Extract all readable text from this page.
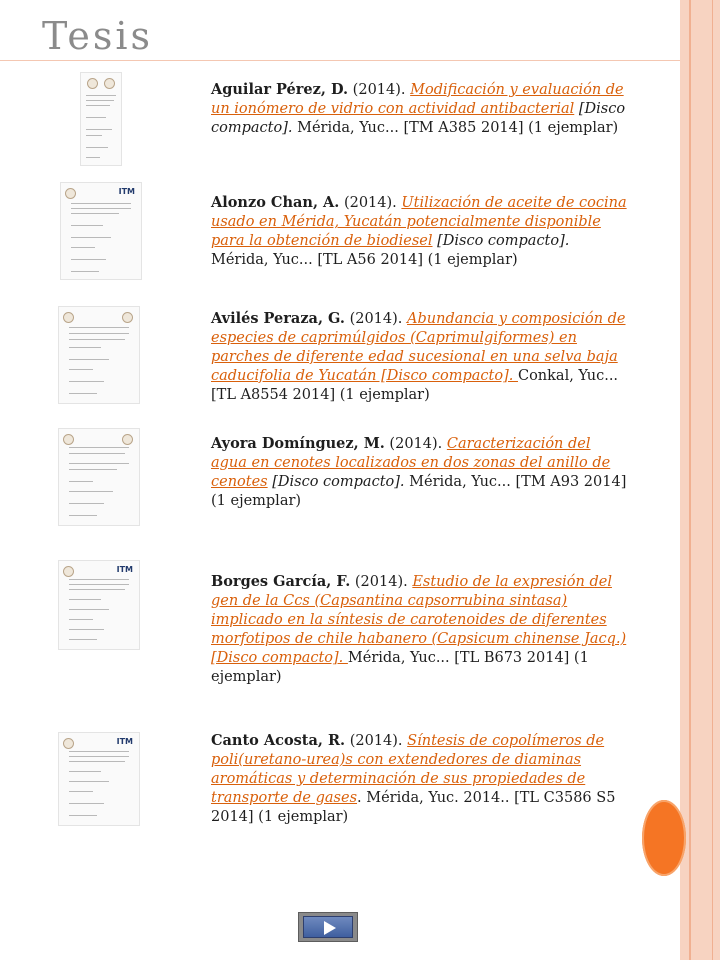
Tesis
Aguilar Pérez, D. (2014). Modificación y evaluación de un ionómero de vidrio con actividad antibacterial [Disco compacto]. Mérida, Yuc... [TM A385 2014] (1 ejemplar)
ITM
Alonzo Chan, A. (2014). Utilización de aceite de cocina usado en Mérida, Yucatán potencialmente disponible para la obtención de biodiesel [Disco compacto]. Mérida, Yuc... [TL A56 2014] (1 ejemplar)
Avilés Peraza, G. (2014). Abundancia y composición de especies de caprimúlgidos (Caprimulgiformes) en parches de diferente edad sucesional en una selva baja caducifolia de Yucatán [Disco compacto]. Conkal, Yuc... [TL A8554 2014] (1 ejemplar)
Ayora Domínguez, M. (2014). Caracterización del agua en cenotes localizados en dos zonas del anillo de cenotes [Disco compacto]. Mérida, Yuc... [TM A93 2014] (1 ejemplar)
ITM
Borges García, F. (2014). Estudio de la expresión del gen de la Ccs (Capsantina capsorrubina sintasa) implicado en la síntesis de carotenoides de diferentes morfotipos de chile habanero (Capsicum chinense Jacq.) [Disco compacto]. Mérida, Yuc... [TL B673 2014] (1 ejemplar)
ITM	Canto Acosta, R. (2014). Síntesis de copolímeros de poli(uretano-urea)s con extendedores de diaminas aromáticas y determinación de sus propiedades de transporte de gases. Mérida, Yuc. 2014.. [TL C3586 S5 2014] (1 ejemplar)
